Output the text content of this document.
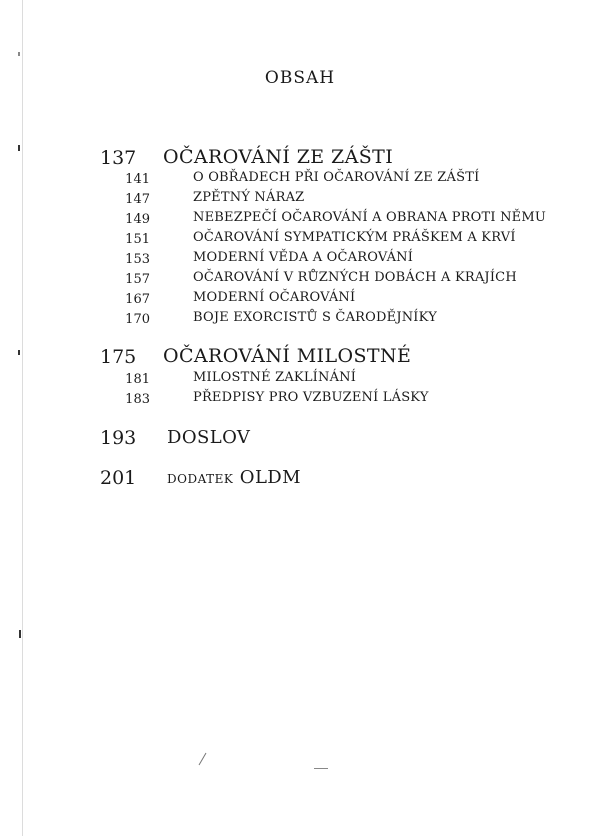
OBSAH
137	OČAROVÁNÍ ZE ZÁŠTI
141	O OBŘADECH PŘI OČAROVÁNÍ ZE ZÁŠTÍ
147	ZPĚTNÝ NÁRAZ
149	NEBEZPEČÍ OČAROVÁNÍ A OBRANA PROTI NĚMU
151	OČAROVÁNÍ SYMPATICKÝM PRÁŠKEM A KRVÍ
153	MODERNÍ VĚDA A OČAROVÁNÍ
157	OČAROVÁNÍ V RŮZNÝCH DOBÁCH A KRAJÍCH
167	MODERNÍ OČAROVÁNÍ
170	BOJE EXORCISTŮ S ČARODĚJNÍKY
175	OČAROVÁNÍ MILOSTNÉ
181	MILOSTNÉ ZAKLÍNÁNÍ
183	PŘEDPISY PRO VZBUZENÍ LÁSKY
193	DOSLOV
201	DODATEK OLDM
